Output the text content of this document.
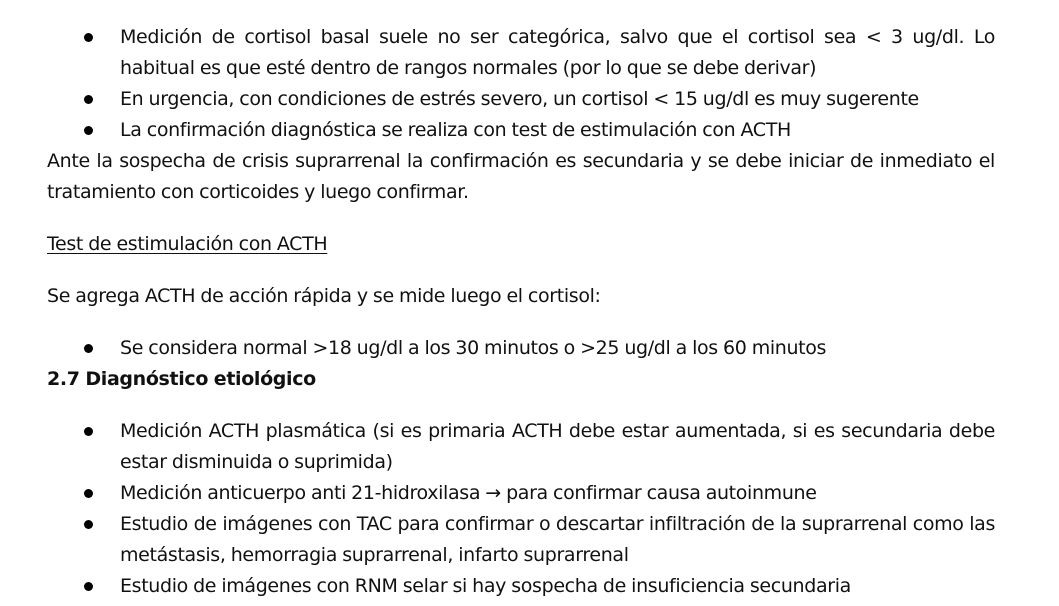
Medición de cortisol basal suele no ser categórica, salvo que el cortisol sea < 3 ug/dl. Lo habitual es que esté dentro de rangos normales (por lo que se debe derivar)
En urgencia, con condiciones de estrés severo, un cortisol < 15 ug/dl es muy sugerente
La confirmación diagnóstica se realiza con test de estimulación con ACTH

Ante la sospecha de crisis suprarrenal la confirmación es secundaria y se debe iniciar de inmediato el tratamiento con corticoides y luego confirmar.

Test de estimulación con ACTH

Se agrega ACTH de acción rápida y se mide luego el cortisol:

Se considera normal >18 ug/dl a los 30 minutos o >25 ug/dl a los 60 minutos

2.7 Diagnóstico etiológico

Medición ACTH plasmática (si es primaria ACTH debe estar aumentada, si es secundaria debe estar disminuida o suprimida)
Medición anticuerpo anti 21-hidroxilasa → para confirmar causa autoinmune
Estudio de imágenes con TAC para confirmar o descartar infiltración de la suprarrenal como las metástasis, hemorragia suprarrenal, infarto suprarrenal
Estudio de imágenes con RNM selar si hay sospecha de insuficiencia secundaria
